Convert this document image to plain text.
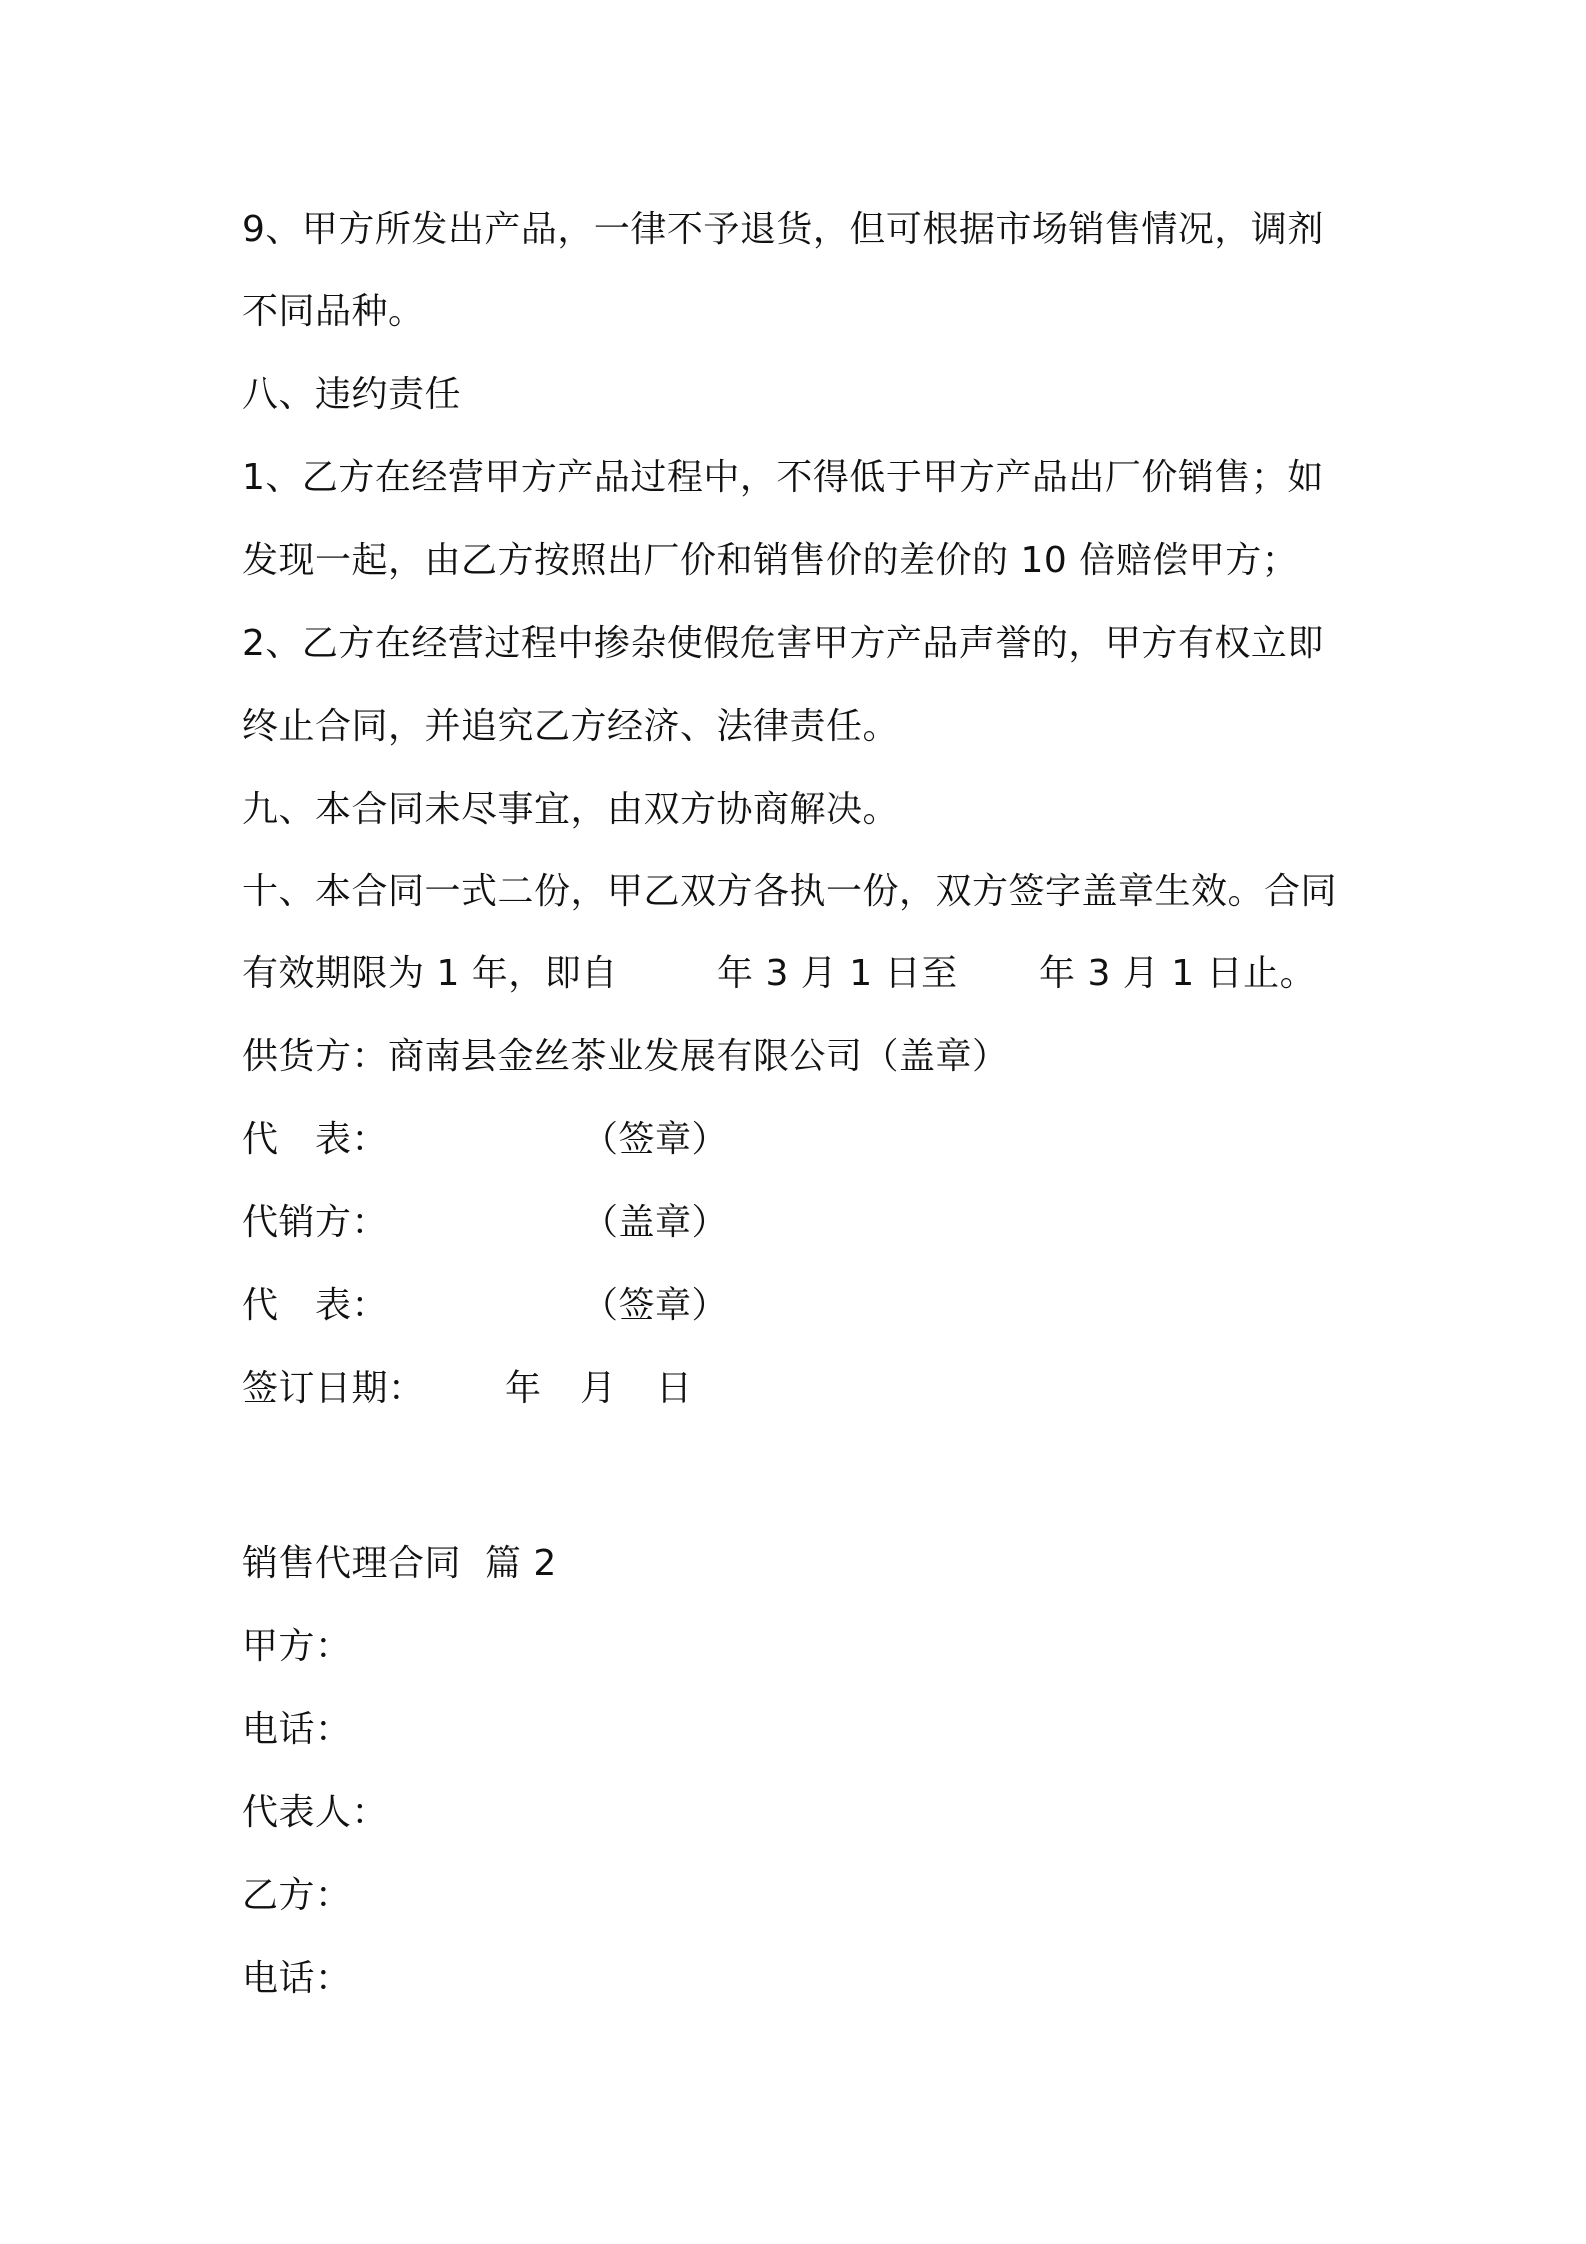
9、甲方所发出产品，一律不予退货，但可根据市场销售情况，调剂
不同品种。
八、违约责任
1、乙方在经营甲方产品过程中，不得低于甲方产品出厂价销售；如
发现一起，由乙方按照出厂价和销售价的差价的 10 倍赔偿甲方；
2、乙方在经营过程中掺杂使假危害甲方产品声誉的，甲方有权立即
终止合同，并追究乙方经济、法律责任。
九、本合同未尽事宜，由双方协商解决。
十、本合同一式二份，甲乙双方各执一份，双方签字盖章生效。合同

有效期限为 1 年，即自

	年 3 月 1 日至

年 3 月 1 日止。

供货方：商南县金丝茶业发展有限公司（盖章）

代　表：

	（签章）

代销方：

	（盖章）

代　表：

	（签章）

签订日期：

年

月

日

销售代理合同  篇 2
甲方：
电话：
代表人：
乙方：
电话：
